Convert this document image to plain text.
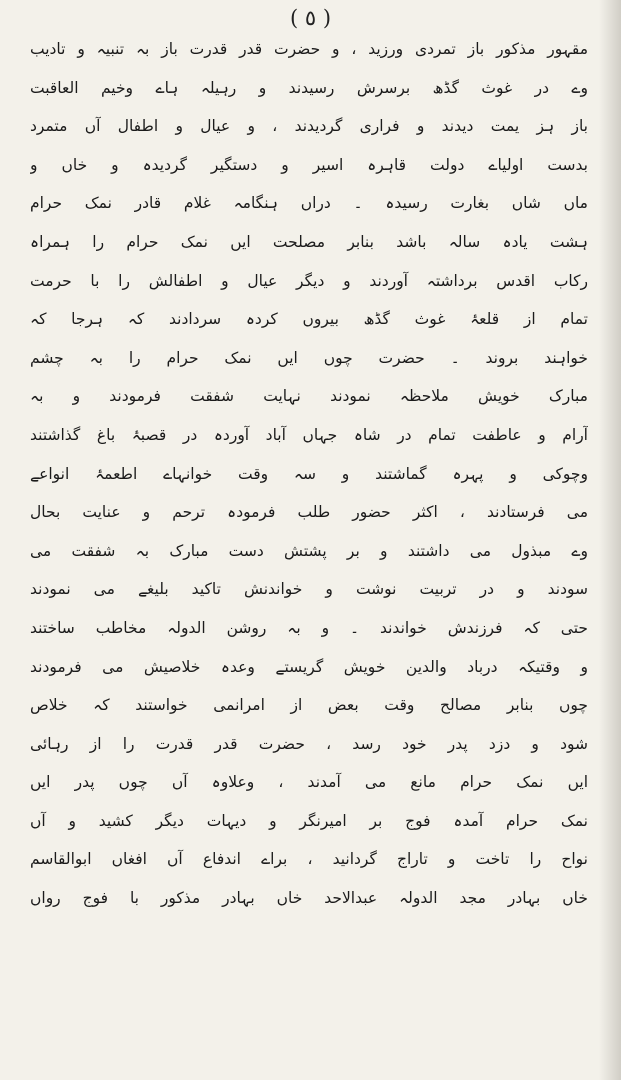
( ٥ )
مقہور مذکور باز تمردی ورزید ، و حضرت قدر قدرت باز بہ تنبیہ و تادیب
وے در غوث گڈھ برسرش رسیدند و رہیلہ ہاے وخیم العاقبت
باز ہز یمت دیدند و فراری گردیدند ، و عیال و اطفال آں متمرد
بدست اولیاے دولت قاہرہ اسیر و دستگیر گردیدہ و خاں و
ماں شاں بغارت رسیدہ ۔ دراں ہنگامہ غلام قادر نمک حرام
ہشت یادہ سالہ باشد بنابر مصلحت ایں نمک حرام را ہمراہ
رکاب اقدس برداشتہ آوردند و دیگر عیال و اطفالش را با حرمت
تمام از قلعۂ غوث گڈھ بیروں کردہ سردادند کہ ہرجا کہ
خواہند بروند ۔ حضرت چوں ایں نمک حرام را بہ چشم
مبارک خویش ملاحظہ نمودند نہایت شفقت فرمودند و بہ
آرام و عاطفت تمام در شاہ جہاں آباد آوردہ در قصبۂ باغ گذاشتند
وچوکی و پہرہ گماشتند و سہ وقت خوانہاے اطعمۂ انواعے
می فرستادند ، اکثر حضور طلب فرمودہ ترحم و عنایت بحال
وے مبذول می داشتند و بر پشتش دست مبارک بہ شفقت می
سودند و در تربیت نوشت و خواندنش تاکید بلیغے می نمودند
حتی کہ فرزندش خواندند ۔ و بہ روشن الدولہ مخاطب ساختند
و وقتیکہ درباد والدین خویش گریستے وعدہ خلاصیش می فرمودند
چوں بنابر مصالح وقت بعض از امرانمی خواستند کہ خلاص
شود و دزد پدر خود رسد ، حضرت قدر قدرت را از رہائی
ایں نمک حرام مانع می آمدند ، وعلاوہ آں چوں پدر ایں
نمک حرام آمدہ فوج بر امیرنگر و دیہات دیگر کشید و آں
نواح را تاخت و تاراج گردانید ، براے اندفاع آں افغاں ابوالقاسم
خاں بہادر مجد الدولہ عبدالاحد خاں بہادر مذکور با فوج رواں
